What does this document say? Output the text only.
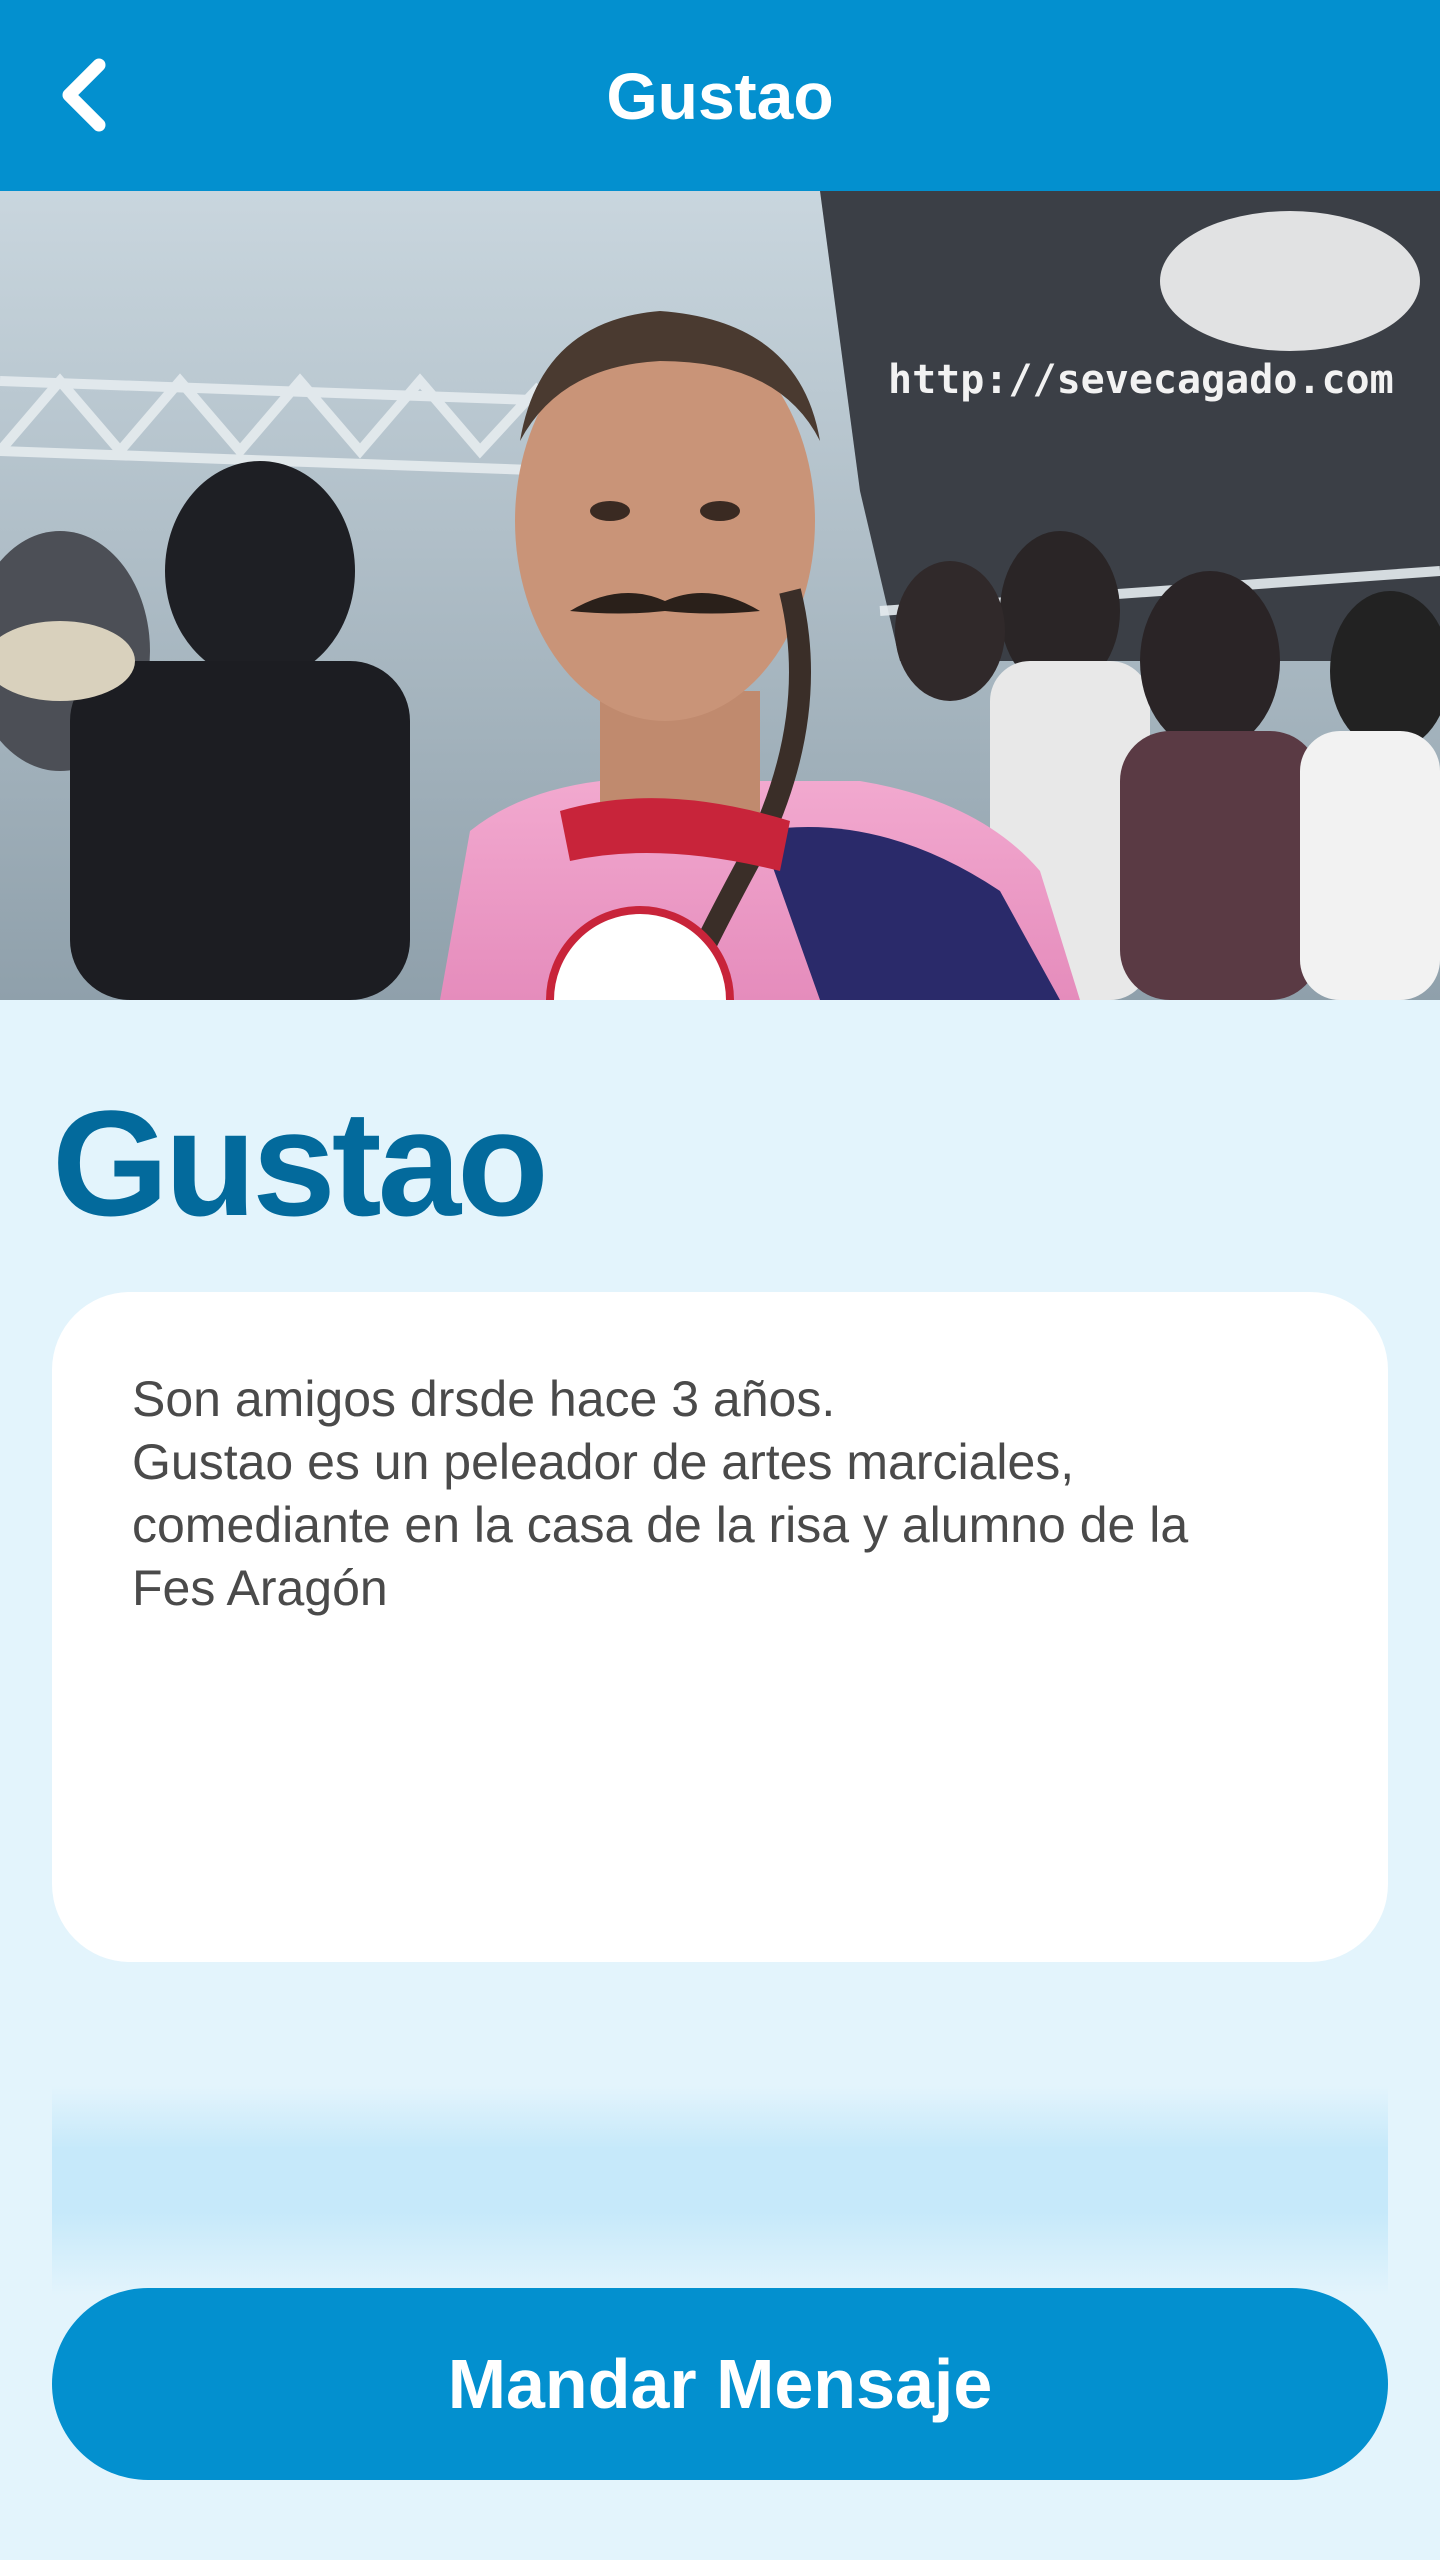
Gustao
http://sevecagado.com
Gustao
Son amigos drsde hace 3 años.
Gustao es un peleador de artes marciales,
comediante en la casa de la risa y alumno de la
Fes Aragón
Mandar Mensaje
